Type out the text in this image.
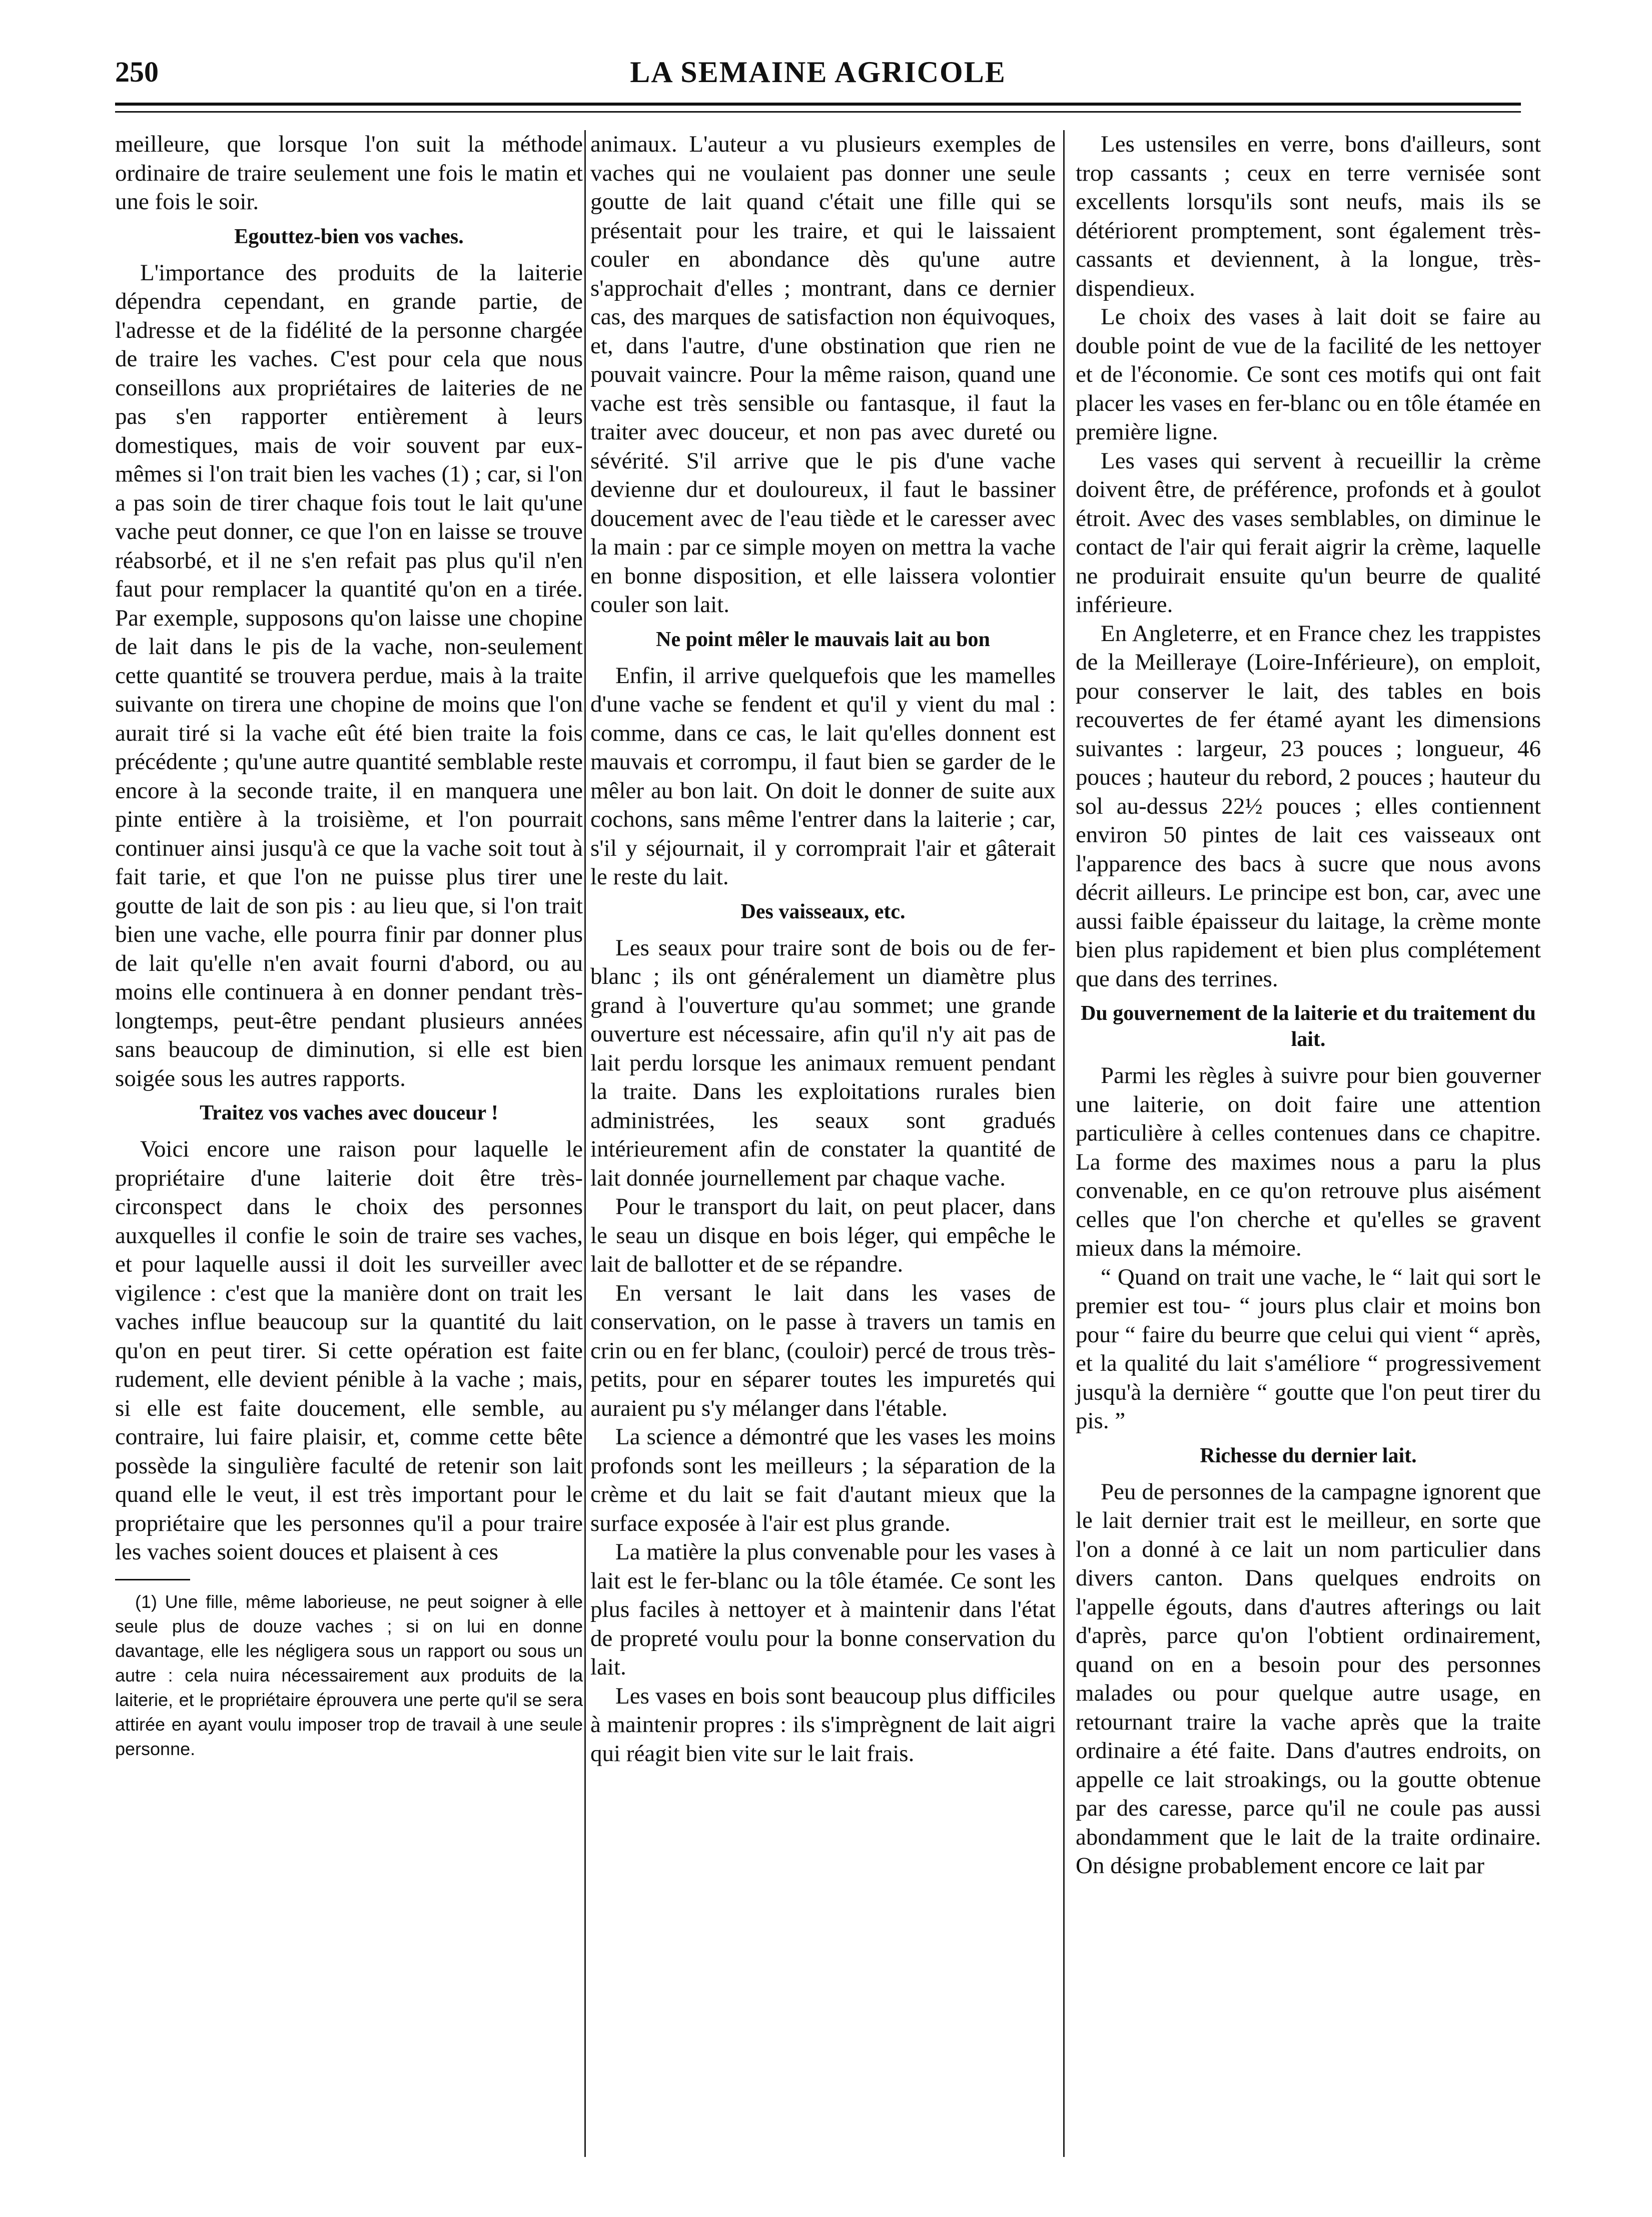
250	LA SEMAINE AGRICOLE

meilleure, que lorsque l'on suit la méthode ordinaire de traire seulement une fois le matin et une fois le soir.

Egouttez-bien vos vaches.

L'importance des produits de la laiterie dépendra cependant, en grande partie, de l'adresse et de la fidélité de la personne chargée de traire les vaches. C'est pour cela que nous conseillons aux propriétaires de laiteries de ne pas s'en rapporter entièrement à leurs domestiques, mais de voir souvent par eux-mêmes si l'on trait bien les vaches (1) ; car, si l'on a pas soin de tirer chaque fois tout le lait qu'une vache peut donner, ce que l'on en laisse se trouve réabsorbé, et il ne s'en refait pas plus qu'il n'en faut pour remplacer la quantité qu'on en a tirée. Par exemple, supposons qu'on laisse une chopine de lait dans le pis de la vache, non-seulement cette quantité se trouvera perdue, mais à la traite suivante on tirera une chopine de moins que l'on aurait tiré si la vache eût été bien traite la fois précédente ; qu'une autre quantité semblable reste encore à la seconde traite, il en manquera une pinte entière à la troisième, et l'on pourrait continuer ainsi jusqu'à ce que la vache soit tout à fait tarie, et que l'on ne puisse plus tirer une goutte de lait de son pis : au lieu que, si l'on trait bien une vache, elle pourra finir par donner plus de lait qu'elle n'en avait fourni d'abord, ou au moins elle continuera à en donner pendant très-longtemps, peut-être pendant plusieurs années sans beaucoup de diminution, si elle est bien soigée sous les autres rapports.

Traitez vos vaches avec douceur !

Voici encore une raison pour laquelle le propriétaire d'une laiterie doit être très-circonspect dans le choix des personnes auxquelles il confie le soin de traire ses vaches, et pour laquelle aussi il doit les surveiller avec vigilence : c'est que la manière dont on trait les vaches influe beaucoup sur la quantité du lait qu'on en peut tirer. Si cette opération est faite rudement, elle devient pénible à la vache ; mais, si elle est faite doucement, elle semble, au contraire, lui faire plaisir, et, comme cette bête possède la singulière faculté de retenir son lait quand elle le veut, il est très important pour le propriétaire que les personnes qu'il a pour traire les vaches soient douces et plaisent à ces

(1) Une fille, même laborieuse, ne peut soigner à elle seule plus de douze vaches ; si on lui en donne davantage, elle les négligera sous un rapport ou sous un autre : cela nuira nécessairement aux produits de la laiterie, et le propriétaire éprouvera une perte qu'il se sera attirée en ayant voulu imposer trop de travail à une seule personne.

animaux. L'auteur a vu plusieurs exemples de vaches qui ne voulaient pas donner une seule goutte de lait quand c'était une fille qui se présentait pour les traire, et qui le laissaient couler en abondance dès qu'une autre s'approchait d'elles ; montrant, dans ce dernier cas, des marques de satisfaction non équivoques, et, dans l'autre, d'une obstination que rien ne pouvait vaincre. Pour la même raison, quand une vache est très sensible ou fantasque, il faut la traiter avec douceur, et non pas avec dureté ou sévérité. S'il arrive que le pis d'une vache devienne dur et douloureux, il faut le bassiner doucement avec de l'eau tiède et le caresser avec la main : par ce simple moyen on mettra la vache en bonne disposition, et elle laissera volontier couler son lait.

Ne point mêler le mauvais lait au bon

Enfin, il arrive quelquefois que les mamelles d'une vache se fendent et qu'il y vient du mal : comme, dans ce cas, le lait qu'elles donnent est mauvais et corrompu, il faut bien se garder de le mêler au bon lait. On doit le donner de suite aux cochons, sans même l'entrer dans la laiterie ; car, s'il y séjournait, il y corromprait l'air et gâterait le reste du lait.

Des vaisseaux, etc.

Les seaux pour traire sont de bois ou de fer-blanc ; ils ont généralement un diamètre plus grand à l'ouverture qu'au sommet; une grande ouverture est nécessaire, afin qu'il n'y ait pas de lait perdu lorsque les animaux remuent pendant la traite. Dans les exploitations rurales bien administrées, les seaux sont gradués intérieurement afin de constater la quantité de lait donnée journellement par chaque vache.

Pour le transport du lait, on peut placer, dans le seau un disque en bois léger, qui empêche le lait de ballotter et de se répandre.

En versant le lait dans les vases de conservation, on le passe à travers un tamis en crin ou en fer blanc, (couloir) percé de trous très-petits, pour en séparer toutes les impuretés qui auraient pu s'y mélanger dans l'étable.

La science a démontré que les vases les moins profonds sont les meilleurs ; la séparation de la crème et du lait se fait d'autant mieux que la surface exposée à l'air est plus grande.

La matière la plus convenable pour les vases à lait est le fer-blanc ou la tôle étamée. Ce sont les plus faciles à nettoyer et à maintenir dans l'état de propreté voulu pour la bonne conservation du lait.

Les vases en bois sont beaucoup plus difficiles à maintenir propres : ils s'imprègnent de lait aigri qui réagit bien vite sur le lait frais.

Les ustensiles en verre, bons d'ailleurs, sont trop cassants ; ceux en terre vernisée sont excellents lorsqu'ils sont neufs, mais ils se détériorent promptement, sont également très-cassants et deviennent, à la longue, très-dispendieux.

Le choix des vases à lait doit se faire au double point de vue de la facilité de les nettoyer et de l'économie. Ce sont ces motifs qui ont fait placer les vases en fer-blanc ou en tôle étamée en première ligne.

Les vases qui servent à recueillir la crème doivent être, de préférence, profonds et à goulot étroit. Avec des vases semblables, on diminue le contact de l'air qui ferait aigrir la crème, laquelle ne produirait ensuite qu'un beurre de qualité inférieure.

En Angleterre, et en France chez les trappistes de la Meilleraye (Loire-Inférieure), on emploit, pour conserver le lait, des tables en bois recouvertes de fer étamé ayant les dimensions suivantes : largeur, 23 pouces ; longueur, 46 pouces ; hauteur du rebord, 2 pouces ; hauteur du sol au-dessus 22½ pouces ; elles contiennent environ 50 pintes de lait ces vaisseaux ont l'apparence des bacs à sucre que nous avons décrit ailleurs. Le principe est bon, car, avec une aussi faible épaisseur du laitage, la crème monte bien plus rapidement et bien plus complétement que dans des terrines.

Du gouvernement de la laiterie et du traitement du lait.

Parmi les règles à suivre pour bien gouverner une laiterie, on doit faire une attention particulière à celles contenues dans ce chapitre. La forme des maximes nous a paru la plus convenable, en ce qu'on retrouve plus aisément celles que l'on cherche et qu'elles se gravent mieux dans la mémoire.

“ Quand on trait une vache, le “ lait qui sort le premier est tou- “ jours plus clair et moins bon pour “ faire du beurre que celui qui vient “ après, et la qualité du lait s'améliore “ progressivement jusqu'à la dernière “ goutte que l'on peut tirer du pis. ”

Richesse du dernier lait.

Peu de personnes de la campagne ignorent que le lait dernier trait est le meilleur, en sorte que l'on a donné à ce lait un nom particulier dans divers canton. Dans quelques endroits on l'appelle égouts, dans d'autres afterings ou lait d'après, parce qu'on l'obtient ordinairement, quand on en a besoin pour des personnes malades ou pour quelque autre usage, en retournant traire la vache après que la traite ordinaire a été faite. Dans d'autres endroits, on appelle ce lait stroakings, ou la goutte obtenue par des caresse, parce qu'il ne coule pas aussi abondamment que le lait de la traite ordinaire. On désigne probablement encore ce lait par
